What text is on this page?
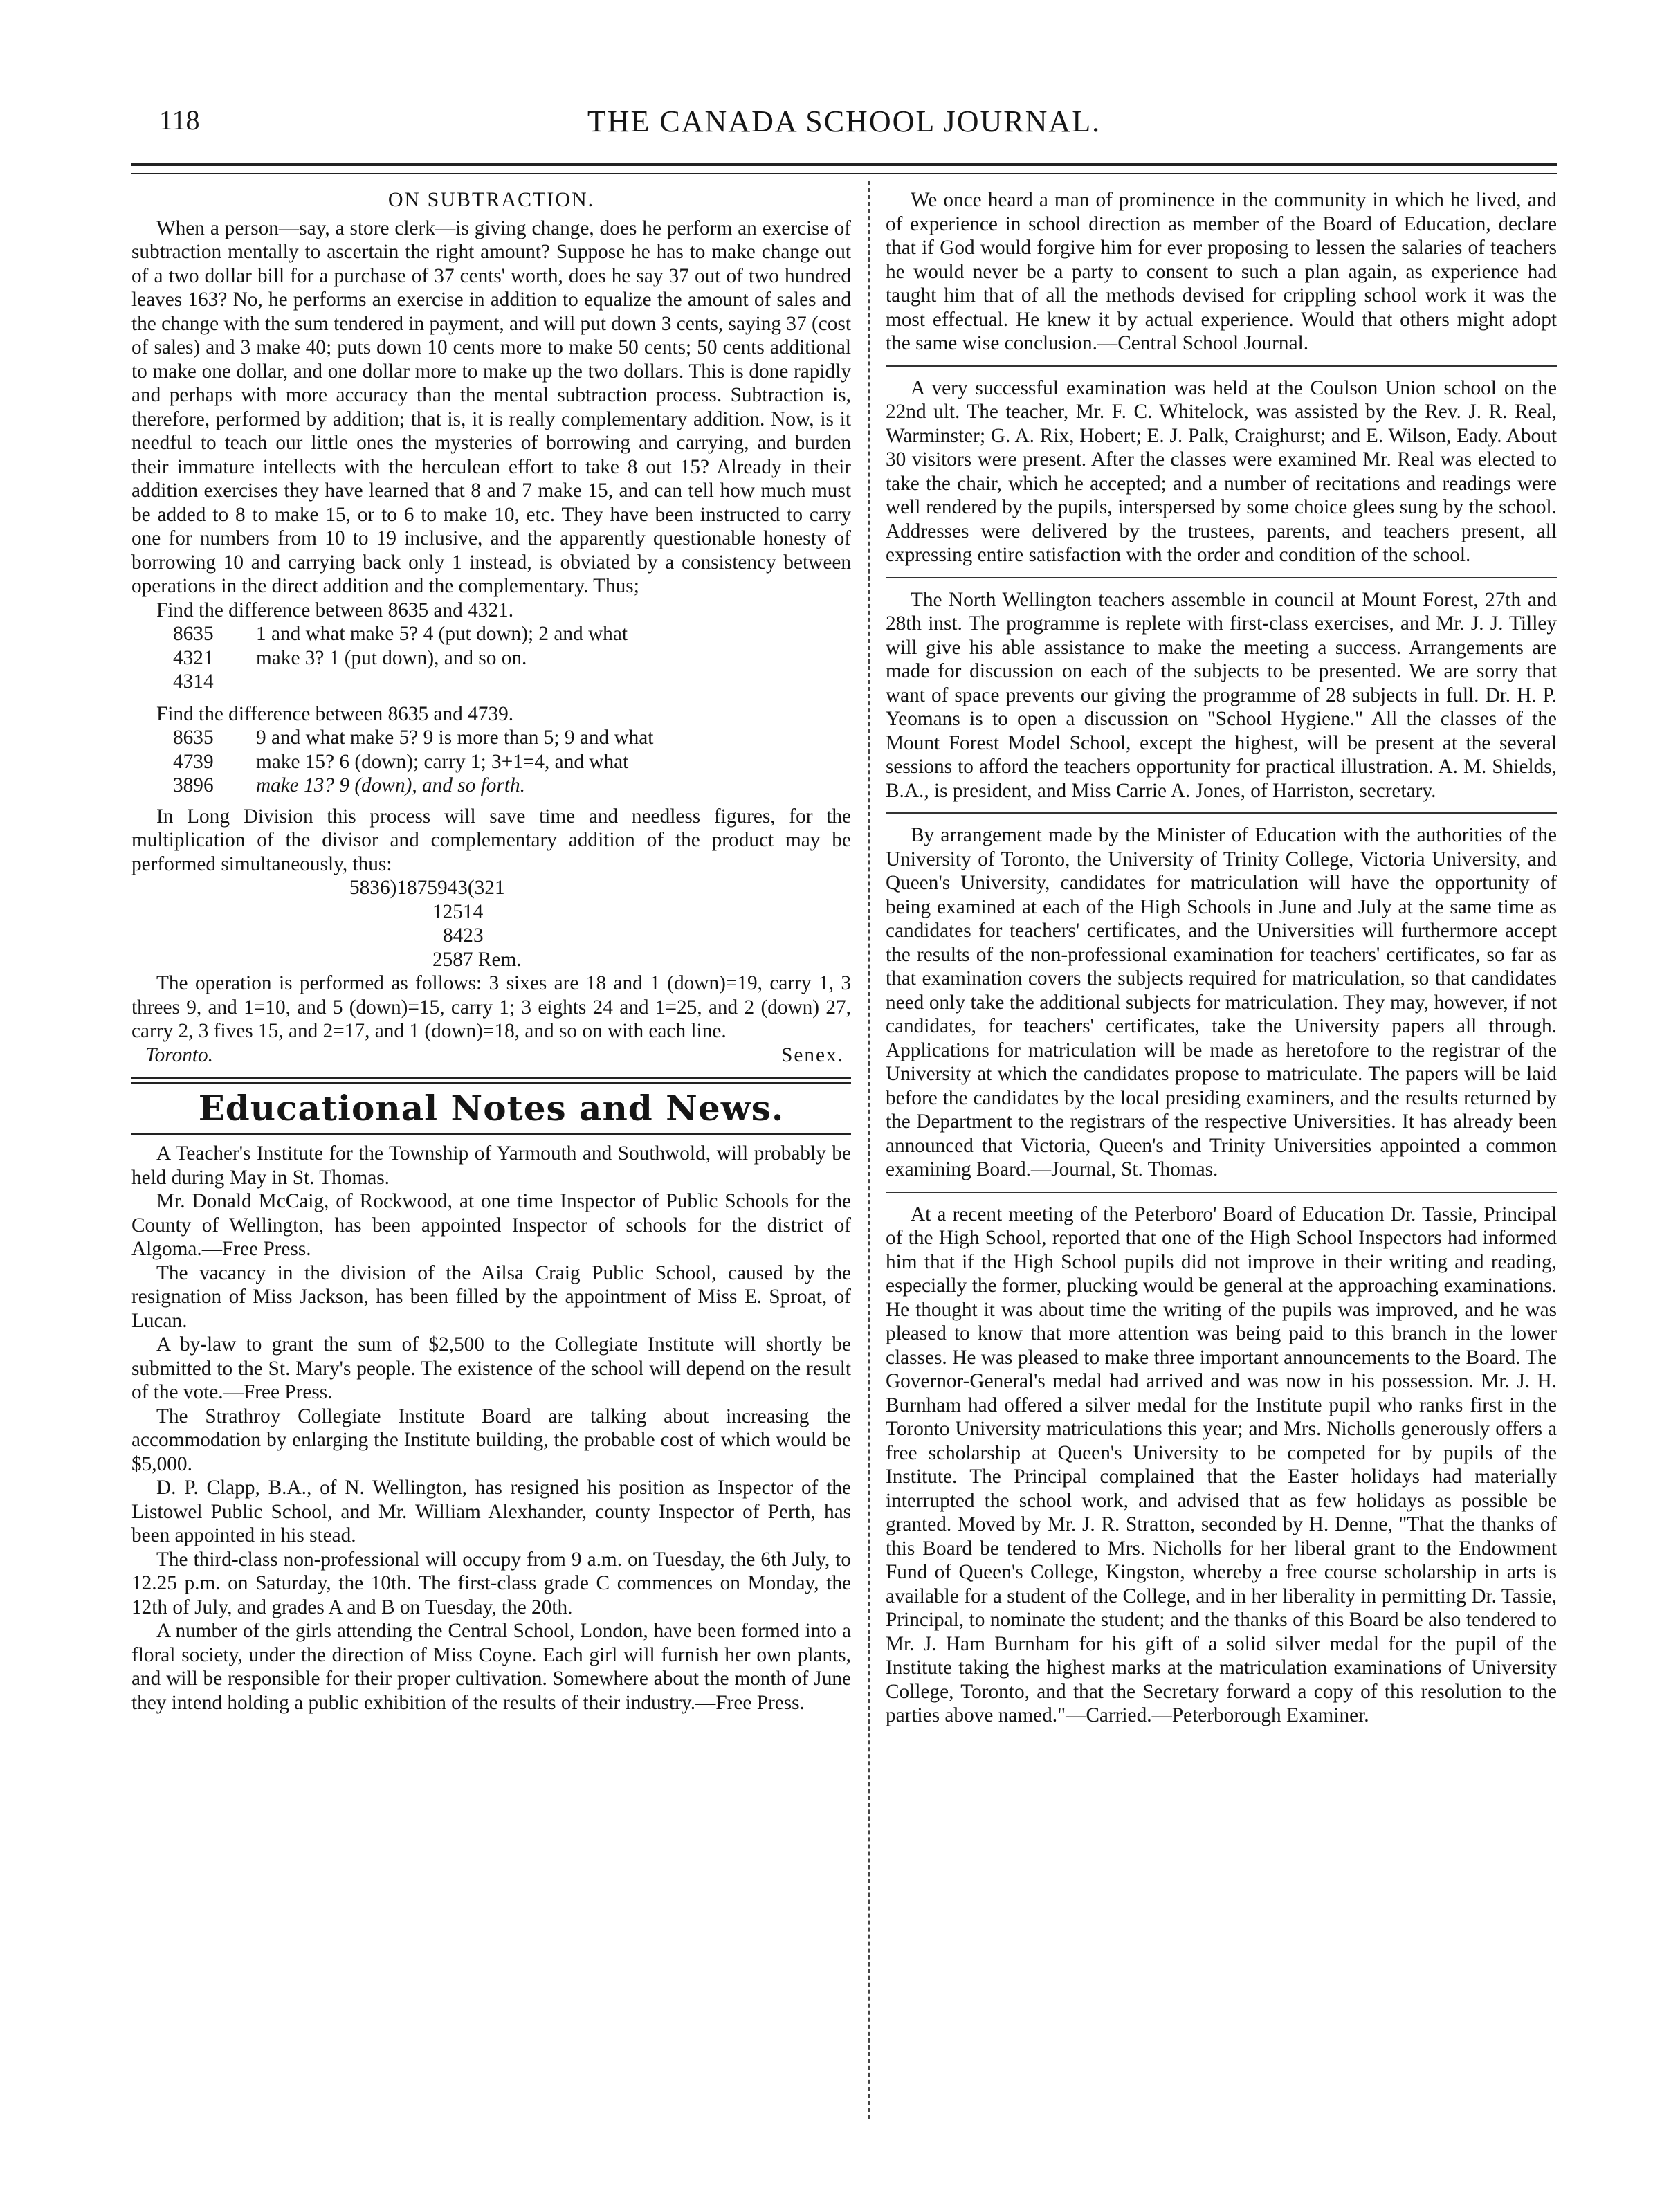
118	THE CANADA SCHOOL JOURNAL.
ON SUBTRACTION.

When a person—say, a store clerk—is giving change, does he perform an exercise of subtraction mentally to ascertain the right amount? Suppose he has to make change out of a two dollar bill for a purchase of 37 cents' worth, does he say 37 out of two hundred leaves 163? No, he performs an exercise in addition to equalize the amount of sales and the change with the sum tendered in payment, and will put down 3 cents, saying 37 (cost of sales) and 3 make 40; puts down 10 cents more to make 50 cents; 50 cents additional to make one dollar, and one dollar more to make up the two dollars. This is done rapidly and perhaps with more accuracy than the mental subtraction process. Subtraction is, therefore, performed by addition; that is, it is really complementary addition. Now, is it needful to teach our little ones the mysteries of borrowing and carrying, and burden their immature intellects with the herculean effort to take 8 out 15? Already in their addition exercises they have learned that 8 and 7 make 15, and can tell how much must be added to 8 to make 15, or to 6 to make 10, etc. They have been instructed to carry one for numbers from 10 to 19 inclusive, and the apparently questionable honesty of borrowing 10 and carrying back only 1 instead, is obviated by a consistency between operations in the direct addition and the complementary. Thus;

Find the difference between 8635 and 4321.
8635	1 and what make 5? 4 (put down); 2 and what
4321	make 3? 1 (put down), and so on.
4314
Find the difference between 8635 and 4739.
8635	9 and what make 5? 9 is more than 5; 9 and what
4739	make 15? 6 (down); carry 1; 3+1=4, and what
3896	make 13? 9 (down), and so forth.

In Long Division this process will save time and needless figures, for the multiplication of the divisor and complementary addition of the product may be performed simultaneously, thus:

5836)1875943(321
12514
8423
2587 Rem.

The operation is performed as follows: 3 sixes are 18 and 1 (down)=19, carry 1, 3 threes 9, and 1=10, and 5 (down)=15, carry 1; 3 eights 24 and 1=25, and 2 (down) 27, carry 2, 3 fives 15, and 2=17, and 1 (down)=18, and so on with each line.

Toronto.	Senex.
Educational Notes and News.

A Teacher's Institute for the Township of Yarmouth and Southwold, will probably be held during May in St. Thomas.

Mr. Donald McCaig, of Rockwood, at one time Inspector of Public Schools for the County of Wellington, has been appointed Inspector of schools for the district of Algoma.—Free Press.

The vacancy in the division of the Ailsa Craig Public School, caused by the resignation of Miss Jackson, has been filled by the appointment of Miss E. Sproat, of Lucan.

A by-law to grant the sum of $2,500 to the Collegiate Institute will shortly be submitted to the St. Mary's people. The existence of the school will depend on the result of the vote.—Free Press.

The Strathroy Collegiate Institute Board are talking about increasing the accommodation by enlarging the Institute building, the probable cost of which would be $5,000.

D. P. Clapp, B.A., of N. Wellington, has resigned his position as Inspector of the Listowel Public School, and Mr. William Alexhander, county Inspector of Perth, has been appointed in his stead.

The third-class non-professional will occupy from 9 a.m. on Tuesday, the 6th July, to 12.25 p.m. on Saturday, the 10th. The first-class grade C commences on Monday, the 12th of July, and grades A and B on Tuesday, the 20th.

A number of the girls attending the Central School, London, have been formed into a floral society, under the direction of Miss Coyne. Each girl will furnish her own plants, and will be responsible for their proper cultivation. Somewhere about the month of June they intend holding a public exhibition of the results of their industry.—Free Press.

We once heard a man of prominence in the community in which he lived, and of experience in school direction as member of the Board of Education, declare that if God would forgive him for ever proposing to lessen the salaries of teachers he would never be a party to consent to such a plan again, as experience had taught him that of all the methods devised for crippling school work it was the most effectual. He knew it by actual experience. Would that others might adopt the same wise conclusion.—Central School Journal.

A very successful examination was held at the Coulson Union school on the 22nd ult. The teacher, Mr. F. C. Whitelock, was assisted by the Rev. J. R. Real, Warminster; G. A. Rix, Hobert; E. J. Palk, Craighurst; and E. Wilson, Eady. About 30 visitors were present. After the classes were examined Mr. Real was elected to take the chair, which he accepted; and a number of recitations and readings were well rendered by the pupils, interspersed by some choice glees sung by the school. Addresses were delivered by the trustees, parents, and teachers present, all expressing entire satisfaction with the order and condition of the school.

The North Wellington teachers assemble in council at Mount Forest, 27th and 28th inst. The programme is replete with first-class exercises, and Mr. J. J. Tilley will give his able assistance to make the meeting a success. Arrangements are made for discussion on each of the subjects to be presented. We are sorry that want of space prevents our giving the programme of 28 subjects in full. Dr. H. P. Yeomans is to open a discussion on "School Hygiene." All the classes of the Mount Forest Model School, except the highest, will be present at the several sessions to afford the teachers opportunity for practical illustration. A. M. Shields, B.A., is president, and Miss Carrie A. Jones, of Harriston, secretary.

By arrangement made by the Minister of Education with the authorities of the University of Toronto, the University of Trinity College, Victoria University, and Queen's University, candidates for matriculation will have the opportunity of being examined at each of the High Schools in June and July at the same time as candidates for teachers' certificates, and the Universities will furthermore accept the results of the non-professional examination for teachers' certificates, so far as that examination covers the subjects required for matriculation, so that candidates need only take the additional subjects for matriculation. They may, however, if not candidates, for teachers' certificates, take the University papers all through. Applications for matriculation will be made as heretofore to the registrar of the University at which the candidates propose to matriculate. The papers will be laid before the candidates by the local presiding examiners, and the results returned by the Department to the registrars of the respective Universities. It has already been announced that Victoria, Queen's and Trinity Universities appointed a common examining Board.—Journal, St. Thomas.

At a recent meeting of the Peterboro' Board of Education Dr. Tassie, Principal of the High School, reported that one of the High School Inspectors had informed him that if the High School pupils did not improve in their writing and reading, especially the former, plucking would be general at the approaching examinations. He thought it was about time the writing of the pupils was improved, and he was pleased to know that more attention was being paid to this branch in the lower classes. He was pleased to make three important announcements to the Board. The Governor-General's medal had arrived and was now in his possession. Mr. J. H. Burnham had offered a silver medal for the Institute pupil who ranks first in the Toronto University matriculations this year; and Mrs. Nicholls generously offers a free scholarship at Queen's University to be competed for by pupils of the Institute. The Principal complained that the Easter holidays had materially interrupted the school work, and advised that as few holidays as possible be granted. Moved by Mr. J. R. Stratton, seconded by H. Denne, "That the thanks of this Board be tendered to Mrs. Nicholls for her liberal grant to the Endowment Fund of Queen's College, Kingston, whereby a free course scholarship in arts is available for a student of the College, and in her liberality in permitting Dr. Tassie, Principal, to nominate the student; and the thanks of this Board be also tendered to Mr. J. Ham Burnham for his gift of a solid silver medal for the pupil of the Institute taking the highest marks at the matriculation examinations of University College, Toronto, and that the Secretary forward a copy of this resolution to the parties above named."—Carried.—Peterborough Examiner.
